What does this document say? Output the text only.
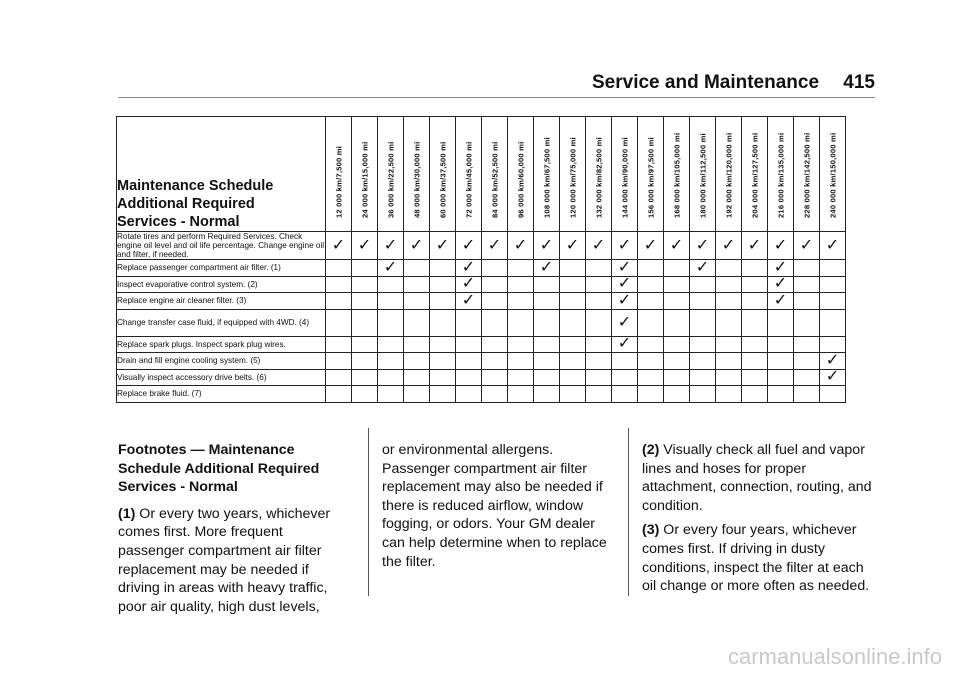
Service and Maintenance 415
Maintenance Schedule
Additional Required
Services - Normal	12 000 km/7,500 mi	24 000 km/15,000 mi	36 000 km/22,500 mi	48 000 km/30,000 mi	60 000 km/37,500 mi	72 000 km/45,000 mi	84 000 km/52,500 mi	96 000 km/60,000 mi	108 000 km/67,500 mi	120 000 km/75,000 mi	132 000 km/82,500 mi	144 000 km/90,000 mi	156 000 km/97,500 mi	168 000 km/105,000 mi	180 000 km/112,500 mi	192 000 km/120,000 mi	204 000 km/127,500 mi	216 000 km/135,000 mi	228 000 km/142,500 mi	240 000 km/150,000 mi

Rotate tires and perform Required Services. Check engine oil level and oil life percentage. Change engine oil and filter, if needed.	✓	✓	✓	✓	✓	✓	✓	✓	✓	✓	✓	✓	✓	✓	✓	✓	✓	✓	✓	✓
Replace passenger compartment air filter. (1)			✓			✓			✓			✓			✓			✓		
Inspect evaporative control system. (2)						✓						✓						✓		
Replace engine air cleaner filter. (3)						✓						✓						✓		
Change transfer case fluid, if equipped with 4WD. (4)												✓								
Replace spark plugs. Inspect spark plug wires.												✓								
Drain and fill engine cooling system. (5)																				✓
Visually inspect accessory drive belts. (6)																				✓
Replace brake fluid. (7)																				

Footnotes — Maintenance Schedule Additional Required Services - Normal

(1) Or every two years, whichever comes first. More frequent passenger compartment air filter replacement may be needed if driving in areas with heavy traffic, poor air quality, high dust levels,

or environmental allergens. Passenger compartment air filter replacement may also be needed if there is reduced airflow, window fogging, or odors. Your GM dealer can help determine when to replace the filter.

(2) Visually check all fuel and vapor lines and hoses for proper attachment, connection, routing, and condition.

(3) Or every four years, whichever comes first. If driving in dusty conditions, inspect the filter at each oil change or more often as needed.

carmanualsonline.info
